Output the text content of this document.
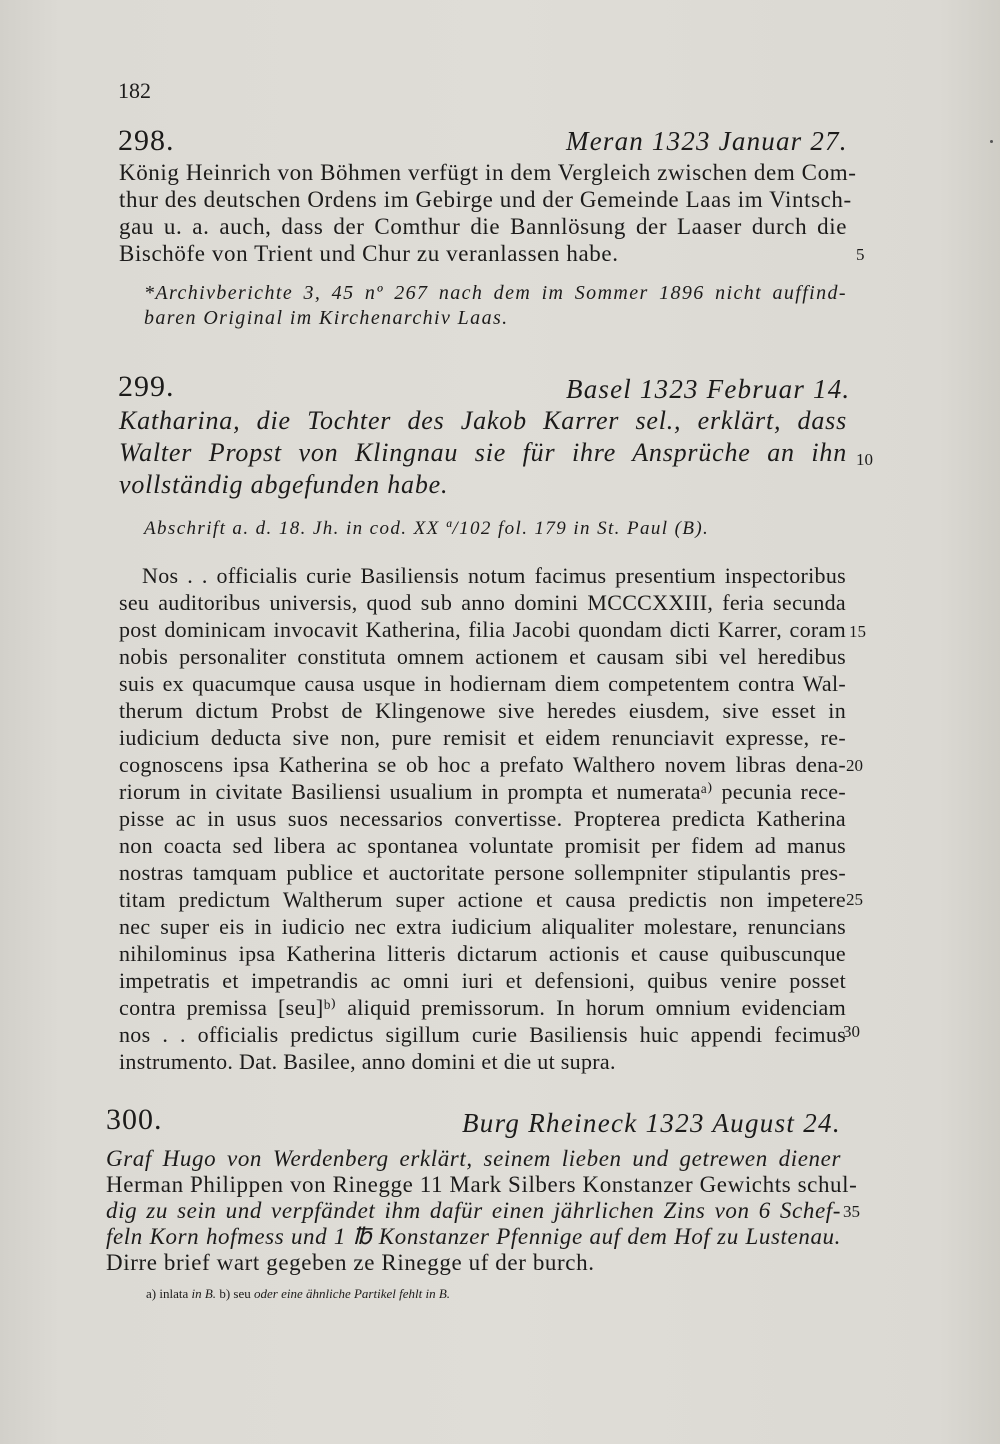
182

298.	Meran 1323 Januar 27.

König Heinrich von Böhmen verfügt in dem Vergleich zwischen dem Com-

thur des deutschen Ordens im Gebirge und der Gemeinde Laas im Vintsch-

gau u. a. auch, dass der Comthur die Bannlösung der Laaser durch die

Bischöfe von Trient und Chur zu veranlassen habe.

*Archivberichte 3, 45 nº 267 nach dem im Sommer 1896 nicht auffind-

baren Original im Kirchenarchiv Laas.

299.	Basel 1323 Februar 14.

Katharina, die Tochter des Jakob Karrer sel., erklärt, dass

Walter Propst von Klingnau sie für ihre Ansprüche an ihn

vollständig abgefunden habe.

Abschrift a. d. 18. Jh. in cod. XX ª/102 fol. 179 in St. Paul (B).

Nos . . officialis curie Basiliensis notum facimus presentium inspectoribus

seu auditoribus universis, quod sub anno domini MCCCXXIII, feria secunda

post dominicam invocavit Katherina, filia Jacobi quondam dicti Karrer, coram

nobis personaliter constituta omnem actionem et causam sibi vel heredibus

suis ex quacumque causa usque in hodiernam diem competentem contra Wal-

therum dictum Probst de Klingenowe sive heredes eiusdem, sive esset in

iudicium deducta sive non, pure remisit et eidem renunciavit expresse, re-

cognoscens ipsa Katherina se ob hoc a prefato Walthero novem libras dena-

riorum in civitate Basiliensi usualium in prompta et numerataᵃ⁾ pecunia rece-

pisse ac in usus suos necessarios convertisse. Propterea predicta Katherina

non coacta sed libera ac spontanea voluntate promisit per fidem ad manus

nostras tamquam publice et auctoritate persone sollempniter stipulantis pres-

titam predictum Waltherum super actione et causa predictis non impetere

nec super eis in iudicio nec extra iudicium aliqualiter molestare, renuncians

nihilominus ipsa Katherina litteris dictarum actionis et cause quibuscunque

impetratis et impetrandis ac omni iuri et defensioni, quibus venire posset

contra premissa [seu]ᵇ⁾ aliquid premissorum. In horum omnium evidenciam

nos . . officialis predictus sigillum curie Basiliensis huic appendi fecimus

instrumento. Dat. Basilee, anno domini et die ut supra.

300.	Burg Rheineck 1323 August 24.

Graf Hugo von Werdenberg erklärt, seinem lieben und getrewen diener

Herman Philippen von Rinegge 11 Mark Silbers Konstanzer Gewichts schul-

dig zu sein und verpfändet ihm dafür einen jährlichen Zins von 6 Schef-

feln Korn hofmess und 1 ℔ Konstanzer Pfennige auf dem Hof zu Lustenau.

Dirre brief wart gegeben ze Rinegge uf der burch.

5

10

15

20

25

30

35

a) inlata in B. b) seu oder eine ähnliche Partikel fehlt in B.
